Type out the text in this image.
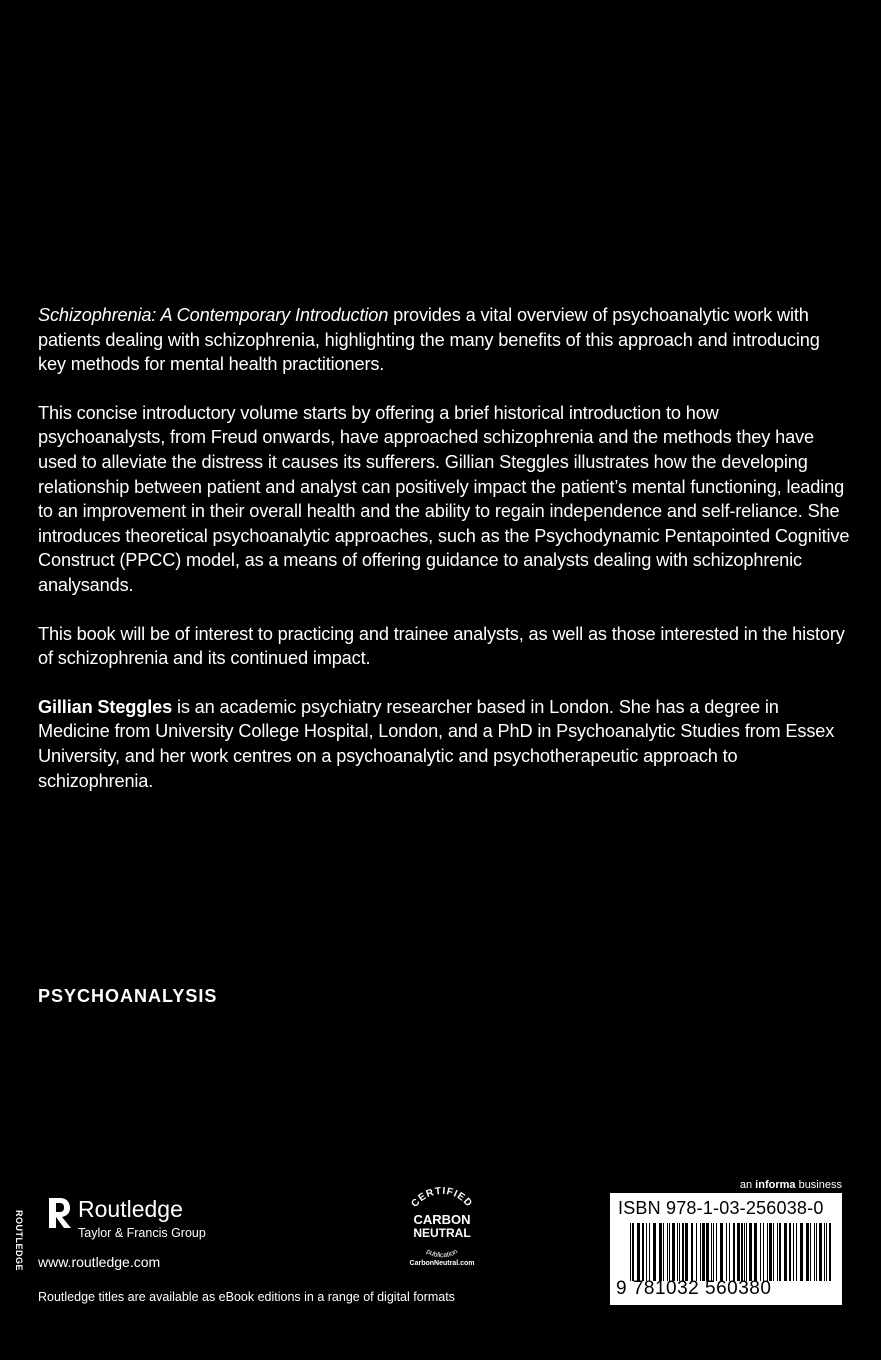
Schizophrenia: A Contemporary Introduction provides a vital overview of psychoanalytic work with patients dealing with schizophrenia, highlighting the many benefits of this approach and introducing key methods for mental health practitioners.

This concise introductory volume starts by offering a brief historical introduction to how psychoanalysts, from Freud onwards, have approached schizophrenia and the methods they have used to alleviate the distress it causes its sufferers. Gillian Steggles illustrates how the developing relationship between patient and analyst can positively impact the patient’s mental functioning, leading to an improvement in their overall health and the ability to regain independence and self-reliance. She introduces theoretical psychoanalytic approaches, such as the Psychodynamic Pentapointed Cognitive Construct (PPCC) model, as a means of offering guidance to analysts dealing with schizophrenic analysands.

This book will be of interest to practicing and trainee analysts, as well as those interested in the history of schizophrenia and its continued impact.

Gillian Steggles is an academic psychiatry researcher based in London. She has a degree in Medicine from University College Hospital, London, and a PhD in Psychoanalytic Studies from Essex University, and her work centres on a psychoanalytic and psychotherapeutic approach to schizophrenia.

PSYCHOANALYSIS
ROUTLEDGE
Routledge
Taylor & Francis Group
www.routledge.com
Routledge titles are available as eBook editions in a range of digital formats
CERTIFIED
CARBON
NEUTRAL
publication
CarbonNeutral.com
an informa business
ISBN 978-1-03-256038-0
9 781032 560380
